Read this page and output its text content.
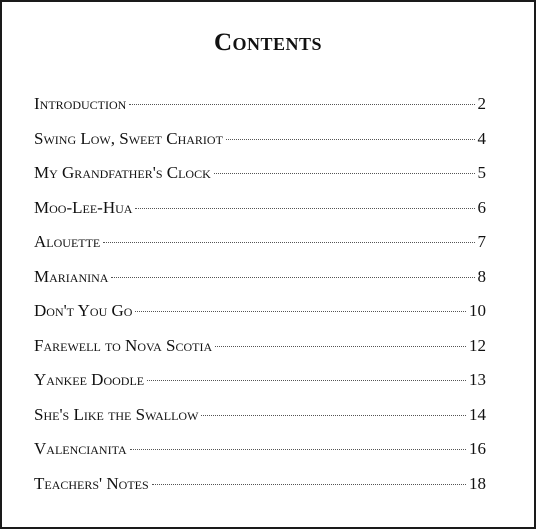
Contents
Introduction	2
Swing Low, Sweet Chariot	4
My Grandfather's Clock	5
Moo-Lee-Hua	6
Alouette	7
Marianina	8
Don't You Go	10
Farewell to Nova Scotia	12
Yankee Doodle	13
She's Like the Swallow	14
Valencianita	16
Teachers' Notes	18
